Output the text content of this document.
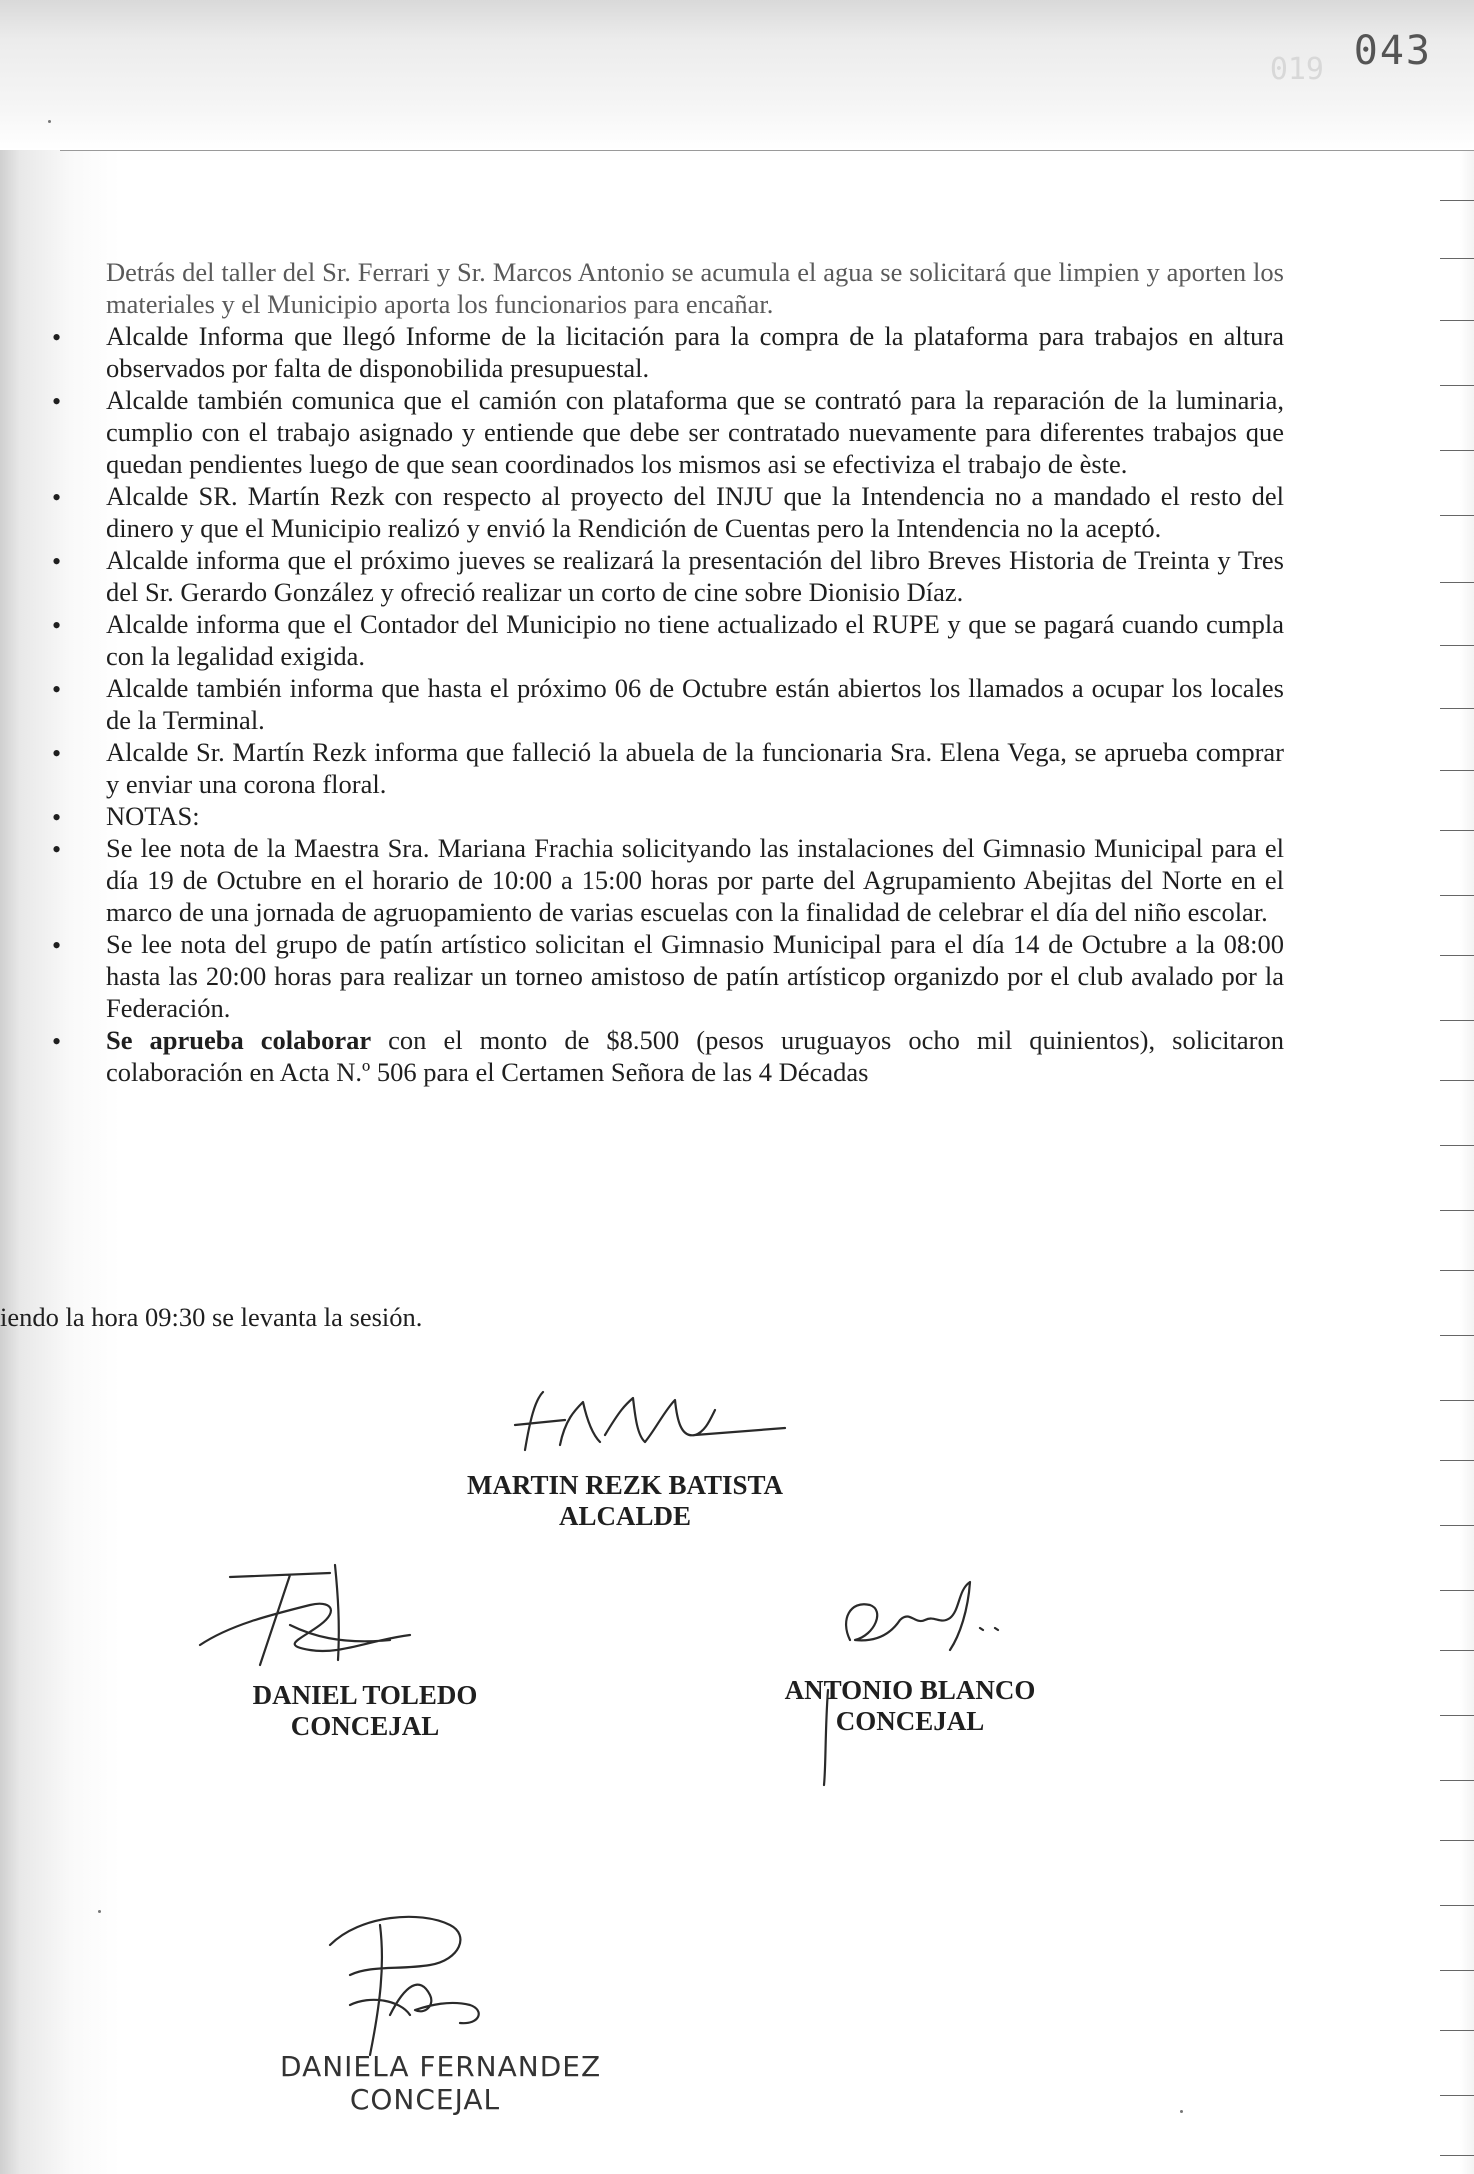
019 043

Detrás del taller del Sr. Ferrari y Sr. Marcos Antonio se acumula el agua se solicitará que limpien y aporten los materiales y el Municipio aporta los funcionarios para encañar.

• Alcalde Informa que llegó Informe de la licitación para la compra de la plataforma para trabajos en altura observados por falta de disponobilida presupuestal.

• Alcalde también comunica que el camión con plataforma que se contrató para la reparación de la luminaria, cumplio con el trabajo asignado y entiende que debe ser contratado nuevamente para diferentes trabajos que quedan pendientes luego de que sean coordinados los mismos asi se efectiviza el trabajo de èste.

• Alcalde SR. Martín Rezk con respecto al proyecto del INJU que la Intendencia no a mandado el resto del dinero y que el Municipio realizó y envió la Rendición de Cuentas pero la Intendencia no la aceptó.

• Alcalde informa que el próximo jueves se realizará la presentación del libro Breves Historia de Treinta y Tres del Sr. Gerardo González y ofreció realizar un corto de cine sobre Dionisio Díaz.

• Alcalde informa que el Contador del Municipio no tiene actualizado el RUPE y que se pagará cuando cumpla con la legalidad exigida.

• Alcalde también informa que hasta el próximo 06 de Octubre están abiertos los llamados a ocupar los locales de la Terminal.

• Alcalde Sr. Martín Rezk informa que falleció la abuela de la funcionaria Sra. Elena Vega, se aprueba comprar y enviar una corona floral.

• NOTAS:

• Se lee nota de la Maestra Sra. Mariana Frachia solicityando las instalaciones del Gimnasio Municipal para el día 19 de Octubre en el horario de 10:00 a 15:00 horas por parte del Agrupamiento Abejitas del Norte en el marco de una jornada de agruopamiento de varias escuelas con la finalidad de celebrar el día del niño escolar.

• Se lee nota del grupo de patín artístico solicitan el Gimnasio Municipal para el día 14 de Octubre a la 08:00 hasta las 20:00 horas para realizar un torneo amistoso de patín artísticop organizdo por el club avalado por la Federación.

• Se aprueba colaborar con el monto de $8.500 (pesos uruguayos ocho mil quinientos), solicitaron colaboración en Acta N.º 506 para el Certamen Señora de las 4 Décadas

iendo la hora 09:30 se levanta la sesión.
MARTIN REZK BATISTA
ALCALDE
DANIEL TOLEDO
CONCEJAL
ANTONIO BLANCO
CONCEJAL
DANIELA FERNANDEZ
CONCEJAL
